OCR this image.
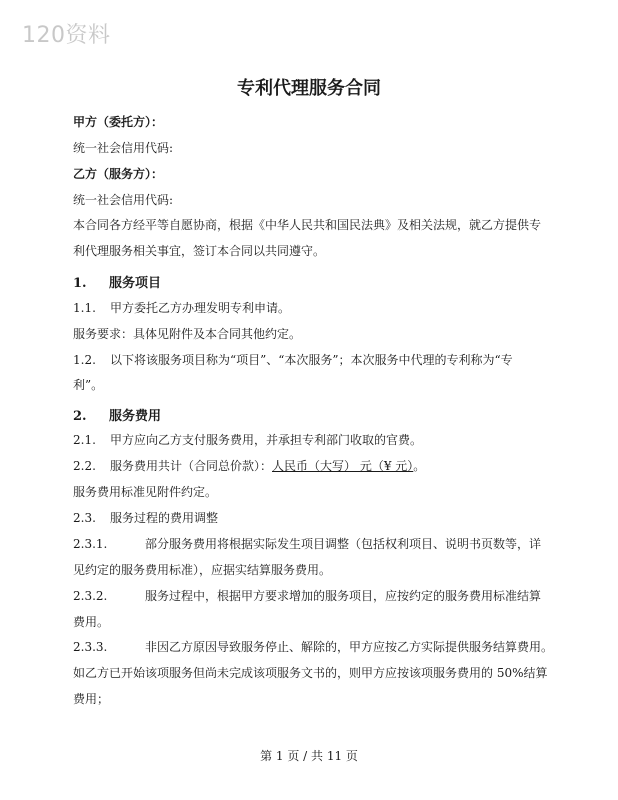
120资料
专利代理服务合同
甲方（委托方）：
统一社会信用代码:
乙方（服务方）：
统一社会信用代码:
本合同各方经平等自愿协商，根据《中华人民共和国民法典》及相关法规，就乙方提供专
利代理服务相关事宜，签订本合同以共同遵守。
1. 服务项目
1.1. 甲方委托乙方办理发明专利申请。
服务要求：具体见附件及本合同其他约定。
1.2. 以下将该服务项目称为“项目”、“本次服务”；本次服务中代理的专利称为“专
利”。
2. 服务费用
2.1. 甲方应向乙方支付服务费用，并承担专利部门收取的官费。
2.2. 服务费用共计（合同总价款）：人民币（大写） 元（¥ 元）。
服务费用标准见附件约定。
2.3. 服务过程的费用调整
2.3.1.	部分服务费用将根据实际发生项目调整（包括权利项目、说明书页数等，详
见约定的服务费用标准），应据实结算服务费用。
2.3.2.	服务过程中，根据甲方要求增加的服务项目，应按约定的服务费用标准结算
费用。
2.3.3.	非因乙方原因导致服务停止、解除的，甲方应按乙方实际提供服务结算费用。
如乙方已开始该项服务但尚未完成该项服务文书的，则甲方应按该项服务费用的 50%结算
费用；
第 1 页 / 共 11 页
